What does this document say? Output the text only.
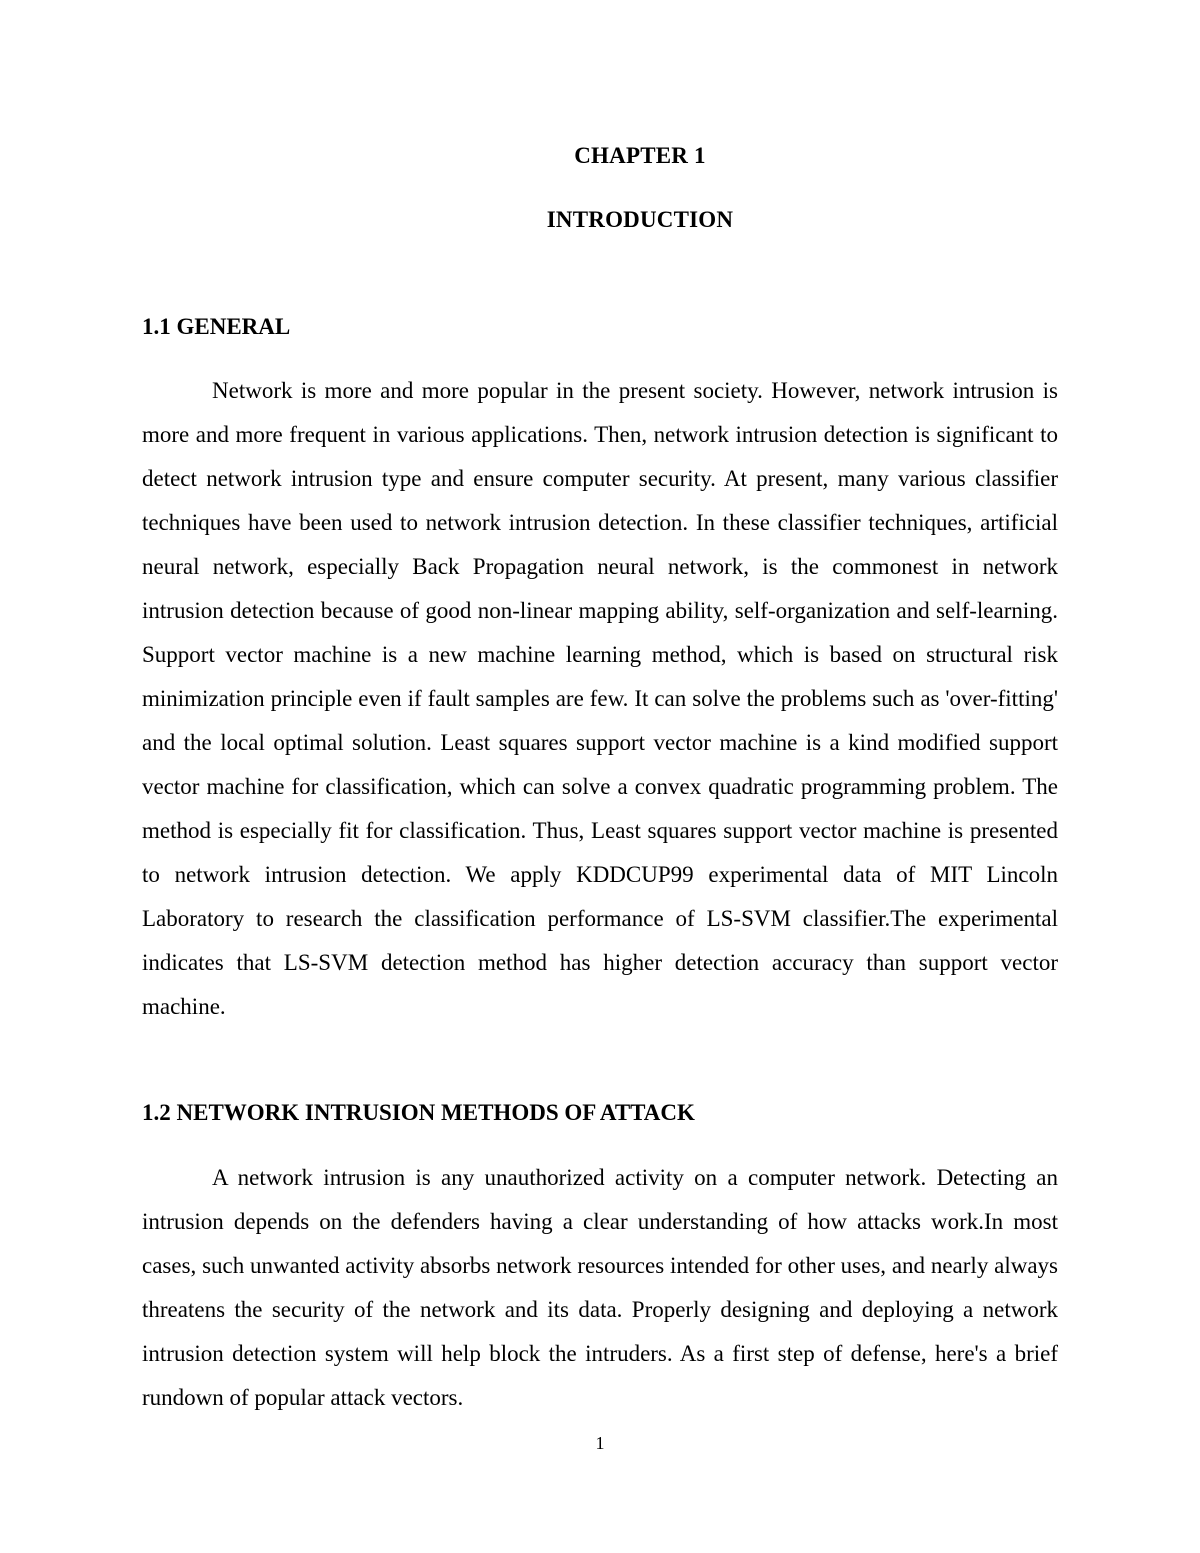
CHAPTER 1
INTRODUCTION
1.1 GENERAL

Network is more and more popular in the present society. However, network intrusion is more and more frequent in various applications. Then, network intrusion detection is significant to detect network intrusion type and ensure computer security. At present, many various classifier techniques have been used to network intrusion detection. In these classifier techniques, artificial neural network, especially Back Propagation neural network, is the commonest in network intrusion detection because of good non-linear mapping ability, self-organization and self-learning. Support vector machine is a new machine learning method, which is based on structural risk minimization principle even if fault samples are few. It can solve the problems such as 'over-fitting' and the local optimal solution. Least squares support vector machine is a kind modified support vector machine for classification, which can solve a convex quadratic programming problem. The method is especially fit for classification. Thus, Least squares support vector machine is presented to network intrusion detection. We apply KDDCUP99 experimental data of MIT Lincoln Laboratory to research the classification performance of LS-SVM classifier.The experimental indicates that LS-SVM detection method has higher detection accuracy than support vector machine.

1.2 NETWORK INTRUSION METHODS OF ATTACK

A network intrusion is any unauthorized activity on a computer network. Detecting an intrusion depends on the defenders having a clear understanding of how attacks work.In most cases, such unwanted activity absorbs network resources intended for other uses, and nearly always threatens the security of the network and its data. Properly designing and deploying a network intrusion detection system will help block the intruders. As a first step of defense, here's a brief rundown of popular attack vectors.

1
